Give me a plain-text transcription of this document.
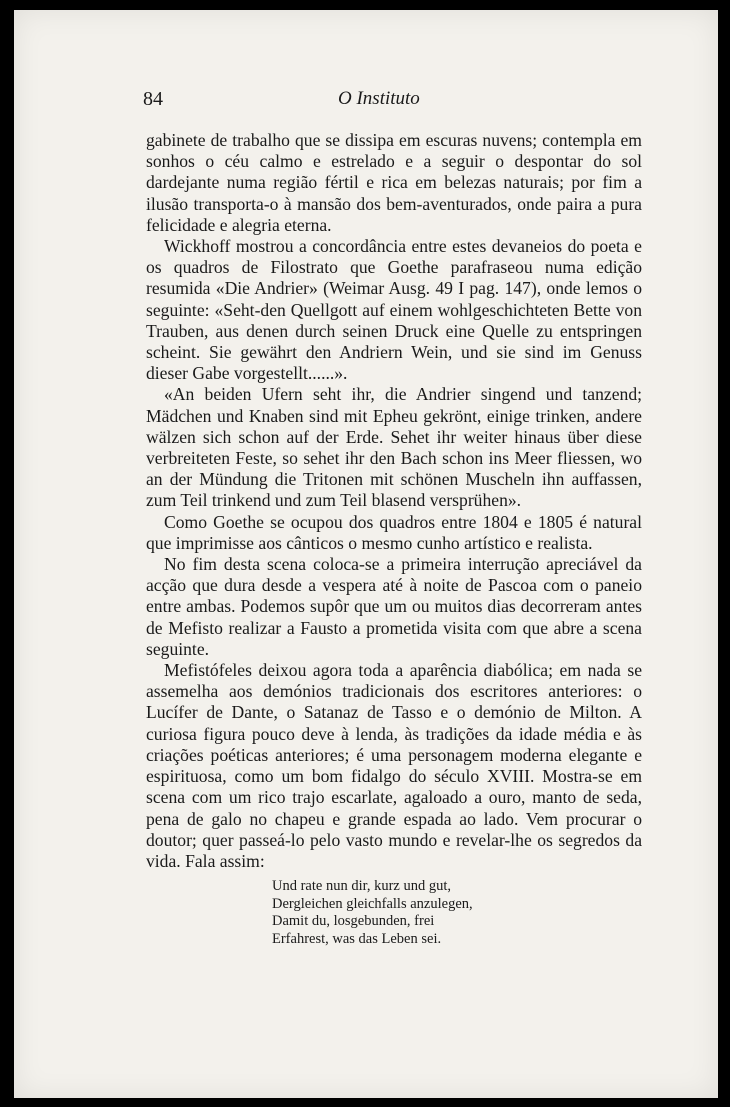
84	O Instituto

gabinete de trabalho que se dissipa em escuras nuvens; contempla em sonhos o céu calmo e estrelado e a seguir o despontar do sol dardejante numa região fértil e rica em belezas naturais; por fim a ilusão transporta-o à mansão dos bem-aventurados, onde paira a pura felicidade e alegria eterna.

Wickhoff mostrou a concordância entre estes devaneios do poeta e os quadros de Filostrato que Goethe parafraseou numa edição resumida «Die Andrier» (Weimar Ausg. 49 I pag. 147), onde lemos o seguinte: «Seht-den Quellgott auf einem wohlgeschichteten Bette von Trauben, aus denen durch seinen Druck eine Quelle zu entspringen scheint. Sie gewährt den Andriern Wein, und sie sind im Genuss dieser Gabe vorgestellt......».

«An beiden Ufern seht ihr, die Andrier singend und tanzend; Mädchen und Knaben sind mit Epheu gekrönt, einige trinken, andere wälzen sich schon auf der Erde. Sehet ihr weiter hinaus über diese verbreiteten Feste, so sehet ihr den Bach schon ins Meer fliessen, wo an der Mündung die Tritonen mit schönen Muscheln ihn auffassen, zum Teil trinkend und zum Teil blasend versprühen».

Como Goethe se ocupou dos quadros entre 1804 e 1805 é natural que imprimisse aos cânticos o mesmo cunho artístico e realista.

No fim desta scena coloca-se a primeira interrução apreciável da acção que dura desde a vespera até à noite de Pascoa com o paneio entre ambas. Podemos supôr que um ou muitos dias decorreram antes de Mefisto realizar a Fausto a prometida visita com que abre a scena seguinte.

Mefistófeles deixou agora toda a aparência diabólica; em nada se assemelha aos demónios tradicionais dos escritores anteriores: o Lucífer de Dante, o Satanaz de Tasso e o demónio de Milton. A curiosa figura pouco deve à lenda, às tradições da idade média e às criações poéticas anteriores; é uma personagem moderna elegante e espirituosa, como um bom fidalgo do século XVIII. Mostra-se em scena com um rico trajo escarlate, agaloado a ouro, manto de seda, pena de galo no chapeu e grande espada ao lado. Vem procurar o doutor; quer passeá-lo pelo vasto mundo e revelar-lhe os segredos da vida. Fala assim:

Und rate nun dir, kurz und gut,
Dergleichen gleichfalls anzulegen,
Damit du, losgebunden, frei
Erfahrest, was das Leben sei.
